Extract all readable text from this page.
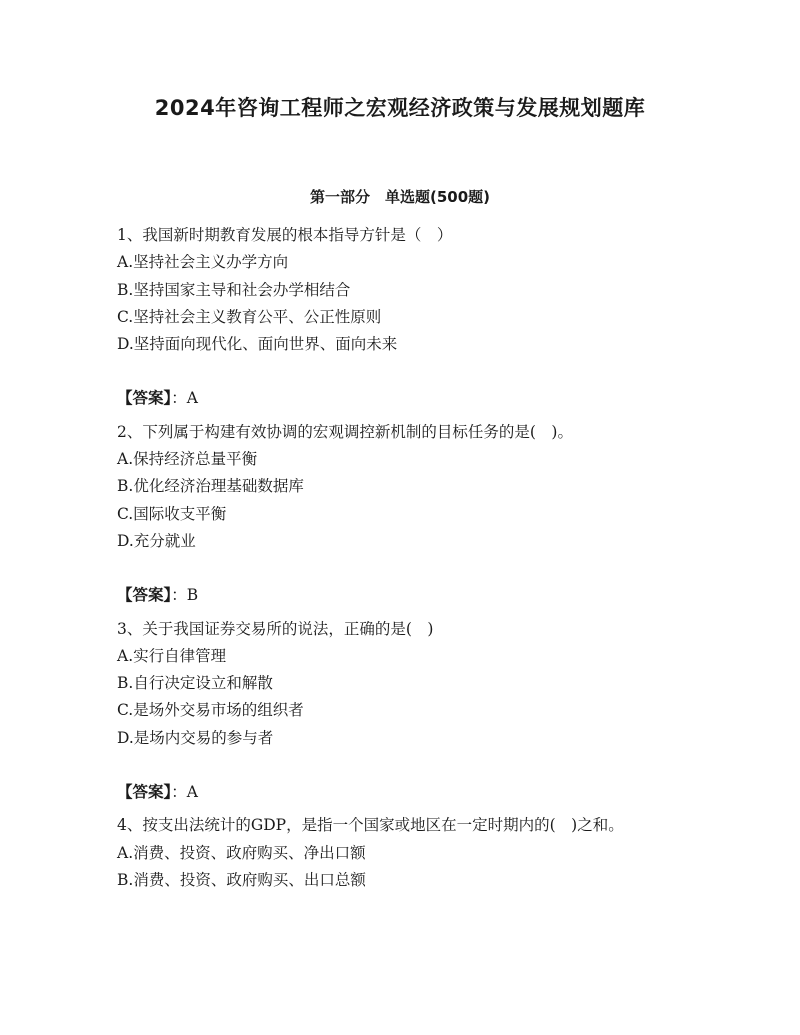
2024年咨询工程师之宏观经济政策与发展规划题库
第一部分　单选题(500题)
1、我国新时期教育发展的根本指导方针是（　）
A.坚持社会主义办学方向
B.坚持国家主导和社会办学相结合
C.坚持社会主义教育公平、公正性原则
D.坚持面向现代化、面向世界、面向未来
【答案】：A
2、下列属于构建有效协调的宏观调控新机制的目标任务的是(　)。
A.保持经济总量平衡
B.优化经济治理基础数据库
C.国际收支平衡
D.充分就业
【答案】：B
3、关于我国证券交易所的说法，正确的是(　)
A.实行自律管理
B.自行决定设立和解散
C.是场外交易市场的组织者
D.是场内交易的参与者
【答案】：A
4、按支出法统计的GDP，是指一个国家或地区在一定时期内的(　)之和。
A.消费、投资、政府购买、净出口额
B.消费、投资、政府购买、出口总额
